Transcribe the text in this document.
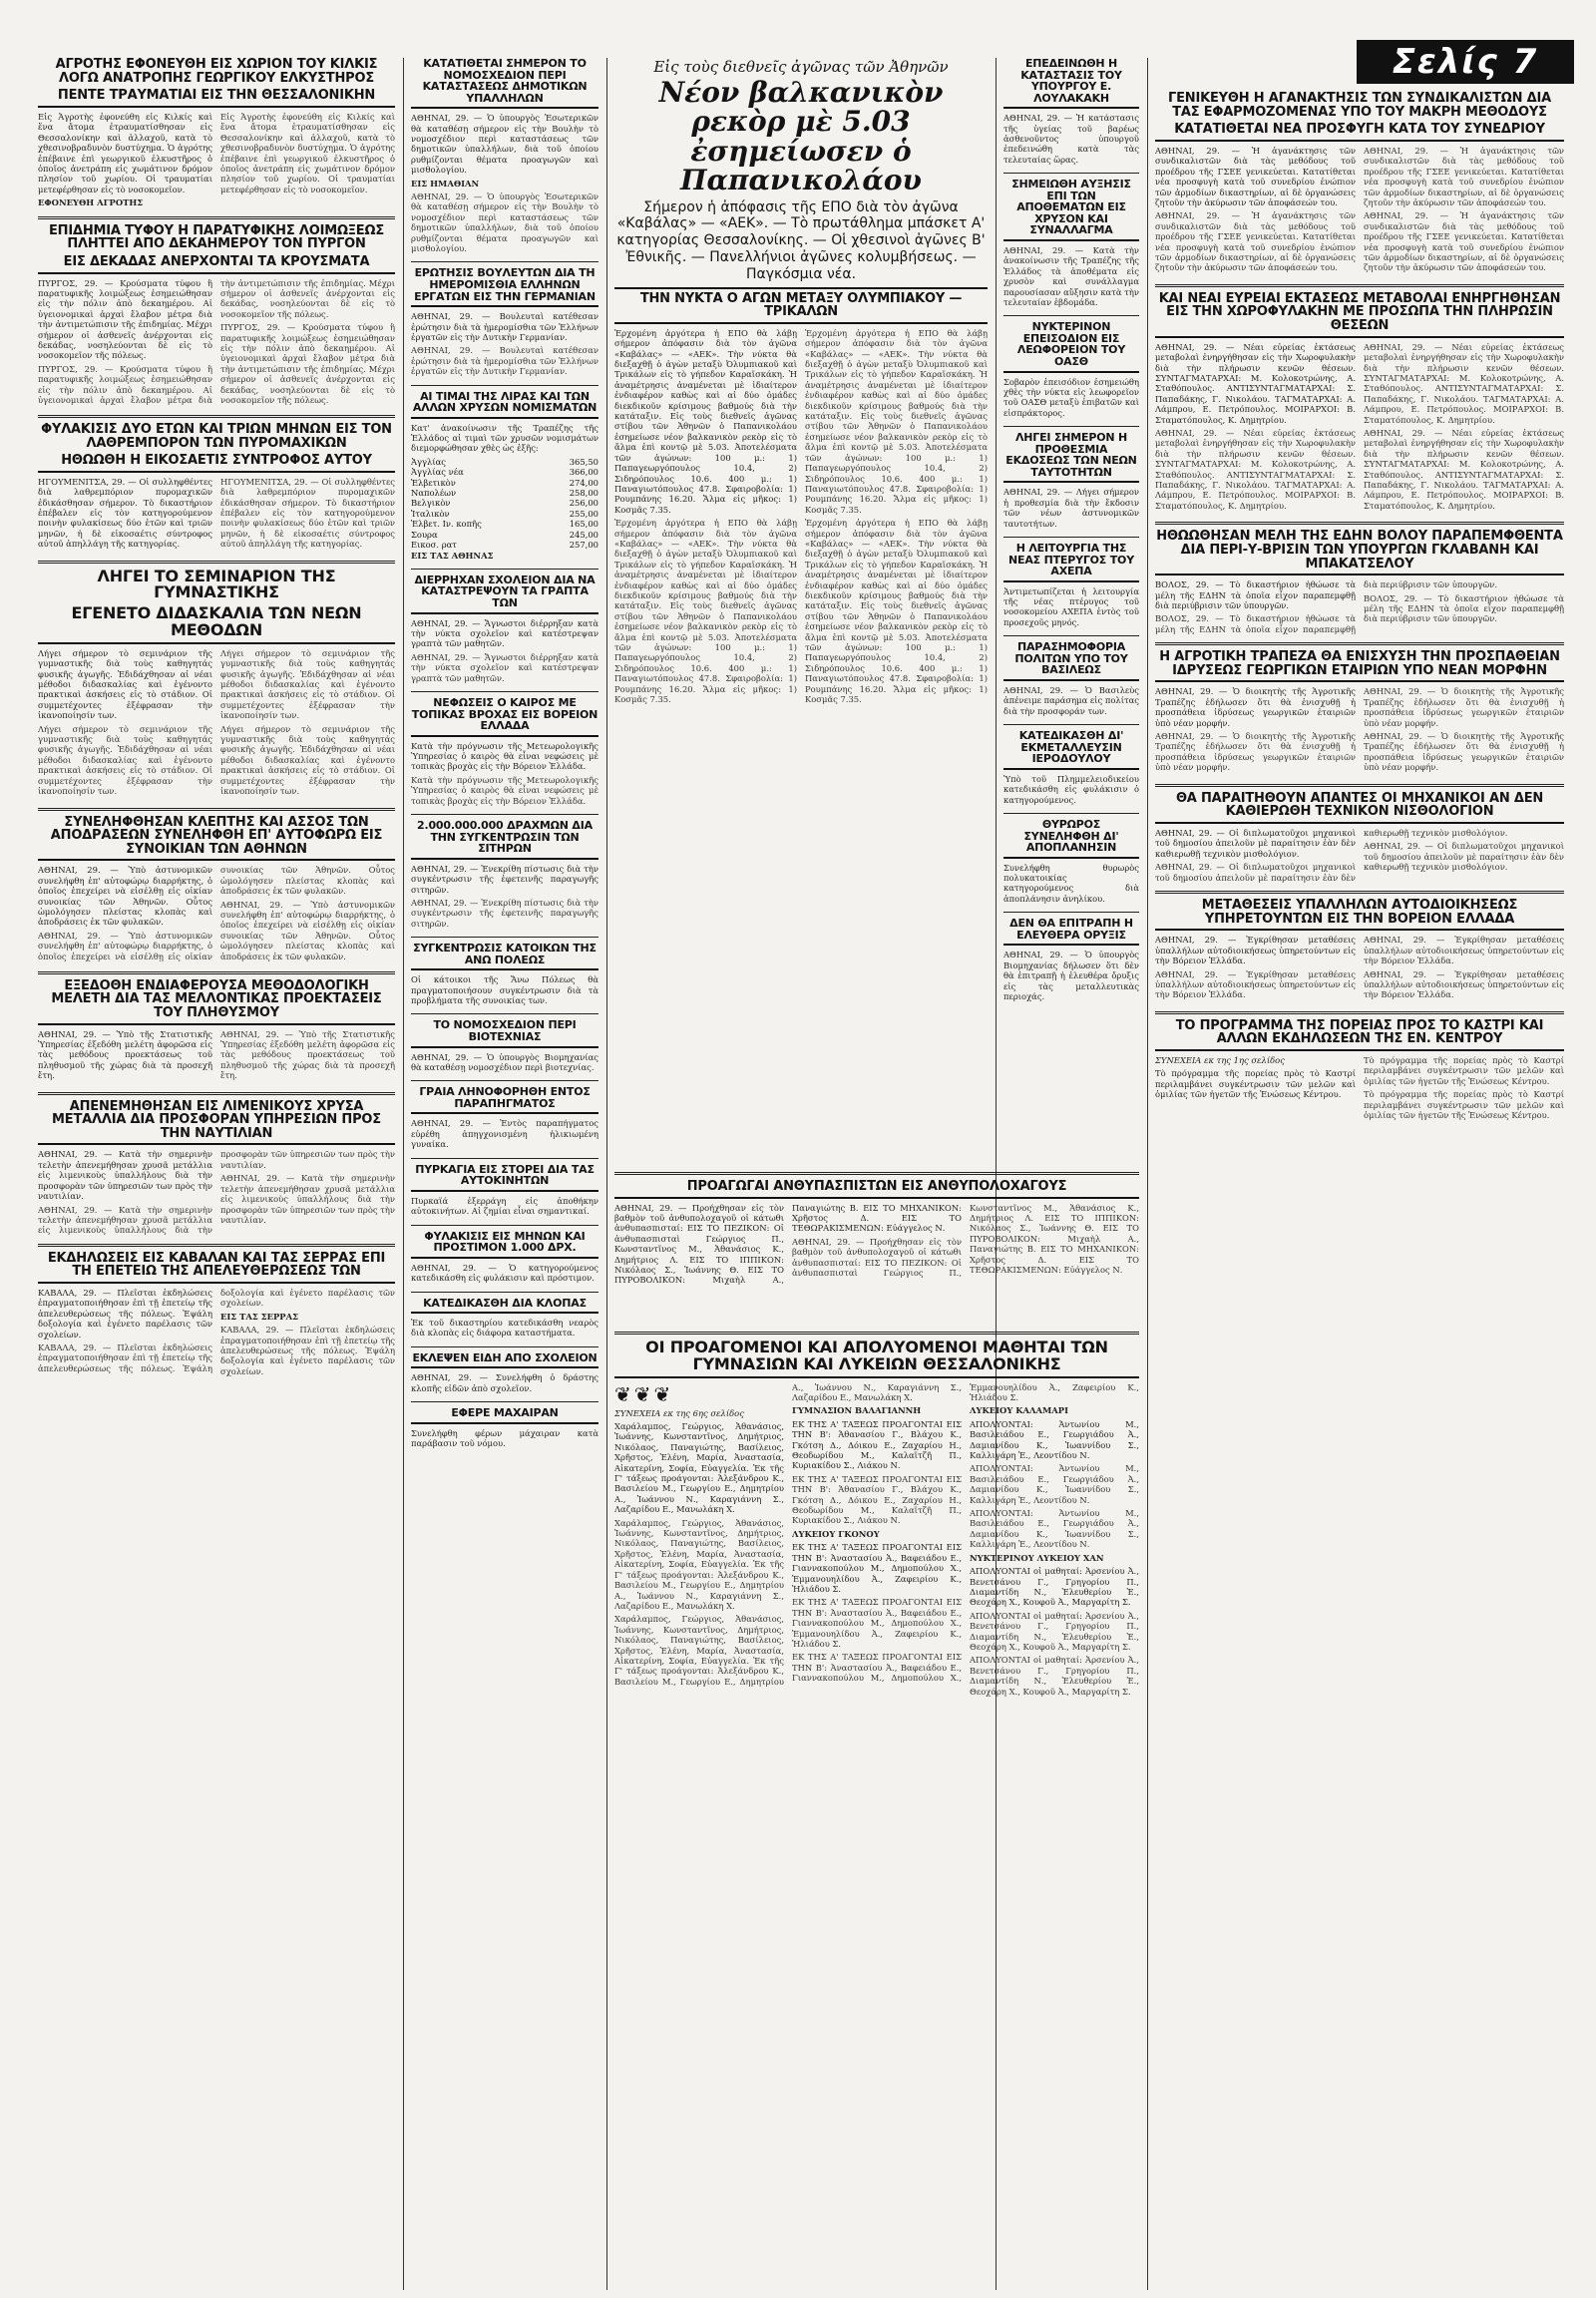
Σελίς 7
ΑΓΡΟΤΗΣ ΕΦΟΝΕΥΘΗ ΕΙΣ ΧΩΡΙΟΝ ΤΟΥ ΚΙΛΚΙΣ ΛΟΓΩ ΑΝΑΤΡΟΠΗΣ ΓΕΩΡΓΙΚΟΥ ΕΛΚΥΣΤΗΡΟΣ
ΠΕΝΤΕ ΤΡΑΥΜΑΤΙΑΙ ΕΙΣ ΤΗΝ ΘΕΣΣΑΛΟΝΙΚΗΝ

Εἰς Ἀγροτὴς ἐφονεύθη εἰς Κιλκίς καὶ ἕνα ἄτομα ἐτραυματίσθησαν εἰς Θεσσαλονίκην καὶ ἀλλαχοῦ, κατὰ τὸ χθεσινοβραδυνὸν δυστύχημα. Ὁ ἀγρότης ἐπέβαινε ἐπὶ γεωργικοῦ ἐλκυστῆρος ὁ ὁποῖος ἀνετράπη εἰς χωμάτινον δρόμον πλησίον τοῦ χωρίου. Οἱ τραυματίαι μετεφέρθησαν εἰς τὸ νοσοκομεῖον.

ΕΦΟΝΕΥΘΗ ΑΓΡΟΤΗΣ

Εἰς Ἀγροτὴς ἐφονεύθη εἰς Κιλκίς καὶ ἕνα ἄτομα ἐτραυματίσθησαν εἰς Θεσσαλονίκην καὶ ἀλλαχοῦ, κατὰ τὸ χθεσινοβραδυνὸν δυστύχημα. Ὁ ἀγρότης ἐπέβαινε ἐπὶ γεωργικοῦ ἐλκυστῆρος ὁ ὁποῖος ἀνετράπη εἰς χωμάτινον δρόμον πλησίον τοῦ χωρίου. Οἱ τραυματίαι μετεφέρθησαν εἰς τὸ νοσοκομεῖον.

ΕΠΙΔΗΜΙΑ ΤΥΦΟΥ Η ΠΑΡΑΤΥΦΙΚΗΣ ΛΟΙΜΩΞΕΩΣ ΠΛΗΤΤΕΙ ΑΠΟ ΔΕΚΑΗΜΕΡΟΥ ΤΟΝ ΠΥΡΓΟΝ
ΕΙΣ ΔΕΚΑΔΑΣ ΑΝΕΡΧΟΝΤΑΙ ΤΑ ΚΡΟΥΣΜΑΤΑ

ΠΥΡΓΟΣ, 29. — Κρούσματα τύφου ἢ παρατυφικῆς λοιμώξεως ἐσημειώθησαν εἰς τὴν πόλιν ἀπὸ δεκαημέρου. Αἱ ὑγειονομικαὶ ἀρχαὶ ἔλαβον μέτρα διὰ τὴν ἀντιμετώπισιν τῆς ἐπιδημίας. Μέχρι σήμερον οἱ ἀσθενεῖς ἀνέρχονται εἰς δεκάδας, νοσηλεύονται δὲ εἰς τὸ νοσοκομεῖον τῆς πόλεως.

ΠΥΡΓΟΣ, 29. — Κρούσματα τύφου ἢ παρατυφικῆς λοιμώξεως ἐσημειώθησαν εἰς τὴν πόλιν ἀπὸ δεκαημέρου. Αἱ ὑγειονομικαὶ ἀρχαὶ ἔλαβον μέτρα διὰ τὴν ἀντιμετώπισιν τῆς ἐπιδημίας. Μέχρι σήμερον οἱ ἀσθενεῖς ἀνέρχονται εἰς δεκάδας, νοσηλεύονται δὲ εἰς τὸ νοσοκομεῖον τῆς πόλεως.

ΠΥΡΓΟΣ, 29. — Κρούσματα τύφου ἢ παρατυφικῆς λοιμώξεως ἐσημειώθησαν εἰς τὴν πόλιν ἀπὸ δεκαημέρου. Αἱ ὑγειονομικαὶ ἀρχαὶ ἔλαβον μέτρα διὰ τὴν ἀντιμετώπισιν τῆς ἐπιδημίας. Μέχρι σήμερον οἱ ἀσθενεῖς ἀνέρχονται εἰς δεκάδας, νοσηλεύονται δὲ εἰς τὸ νοσοκομεῖον τῆς πόλεως.

ΦΥΛΑΚΙΣΙΣ ΔΥΟ ΕΤΩΝ ΚΑΙ ΤΡΙΩΝ ΜΗΝΩΝ ΕΙΣ ΤΟΝ ΛΑΘΡΕΜΠΟΡΟΝ ΤΩΝ ΠΥΡΟΜΑΧΙΚΩΝ
ΗΘΩΩΘΗ Η ΕΙΚΟΣΑΕΤΙΣ ΣΥΝΤΡΟΦΟΣ ΑΥΤΟΥ

ΗΓΟΥΜΕΝΙΤΣΑ, 29. — Οἱ συλληφθέντες διὰ λαθρεμπόριον πυρομαχικῶν ἐδικάσθησαν σήμερον. Τὸ δικαστήριον ἐπέβαλεν εἰς τὸν κατηγορούμενον ποινὴν φυλακίσεως δύο ἐτῶν καὶ τριῶν μηνῶν, ἡ δὲ εἰκοσαέτις σύντροφος αὐτοῦ ἀπηλλάγη τῆς κατηγορίας.

ΗΓΟΥΜΕΝΙΤΣΑ, 29. — Οἱ συλληφθέντες διὰ λαθρεμπόριον πυρομαχικῶν ἐδικάσθησαν σήμερον. Τὸ δικαστήριον ἐπέβαλεν εἰς τὸν κατηγορούμενον ποινὴν φυλακίσεως δύο ἐτῶν καὶ τριῶν μηνῶν, ἡ δὲ εἰκοσαέτις σύντροφος αὐτοῦ ἀπηλλάγη τῆς κατηγορίας.

ΛΗΓΕΙ ΤΟ ΣΕΜΙΝΑΡΙΟΝ ΤΗΣ ΓΥΜΝΑΣΤΙΚΗΣ
ΕΓΕΝΕΤΟ ΔΙΔΑΣΚΑΛΙΑ ΤΩΝ ΝΕΩΝ ΜΕΘΟΔΩΝ

Λήγει σήμερον τὸ σεμινάριον τῆς γυμναστικῆς διὰ τοὺς καθηγητάς φυσικῆς ἀγωγῆς. Ἐδιδάχθησαν αἱ νέαι μέθοδοι διδασκαλίας καὶ ἐγένοντο πρακτικαὶ ἀσκήσεις εἰς τὸ στάδιον. Οἱ συμμετέχοντες ἐξέφρασαν τὴν ἱκανοποίησίν των.

Λήγει σήμερον τὸ σεμινάριον τῆς γυμναστικῆς διὰ τοὺς καθηγητάς φυσικῆς ἀγωγῆς. Ἐδιδάχθησαν αἱ νέαι μέθοδοι διδασκαλίας καὶ ἐγένοντο πρακτικαὶ ἀσκήσεις εἰς τὸ στάδιον. Οἱ συμμετέχοντες ἐξέφρασαν τὴν ἱκανοποίησίν των.

Λήγει σήμερον τὸ σεμινάριον τῆς γυμναστικῆς διὰ τοὺς καθηγητάς φυσικῆς ἀγωγῆς. Ἐδιδάχθησαν αἱ νέαι μέθοδοι διδασκαλίας καὶ ἐγένοντο πρακτικαὶ ἀσκήσεις εἰς τὸ στάδιον. Οἱ συμμετέχοντες ἐξέφρασαν τὴν ἱκανοποίησίν των.

Λήγει σήμερον τὸ σεμινάριον τῆς γυμναστικῆς διὰ τοὺς καθηγητάς φυσικῆς ἀγωγῆς. Ἐδιδάχθησαν αἱ νέαι μέθοδοι διδασκαλίας καὶ ἐγένοντο πρακτικαὶ ἀσκήσεις εἰς τὸ στάδιον. Οἱ συμμετέχοντες ἐξέφρασαν τὴν ἱκανοποίησίν των.

ΣΥΝΕΛΗΦΘΗΣΑΝ ΚΛΕΠΤΗΣ ΚΑΙ ΑΣΣΟΣ ΤΩΝ ΑΠΟΔΡΑΣΕΩΝ ΣΥΝΕΛΗΦΘΗ ΕΠ' ΑΥΤΟΦΩΡΩ ΕΙΣ ΣΥΝΟΙΚΙΑΝ ΤΩΝ ΑΘΗΝΩΝ

ΑΘΗΝΑΙ, 29. — Ὑπὸ ἀστυνομικῶν συνελήφθη ἐπ' αὐτοφώρῳ διαρρήκτης, ὁ ὁποῖος ἐπεχείρει νὰ εἰσέλθῃ εἰς οἰκίαν συνοικίας τῶν Ἀθηνῶν. Οὗτος ὡμολόγησεν πλείστας κλοπὰς καὶ ἀποδράσεις ἐκ τῶν φυλακῶν.

ΑΘΗΝΑΙ, 29. — Ὑπὸ ἀστυνομικῶν συνελήφθη ἐπ' αὐτοφώρῳ διαρρήκτης, ὁ ὁποῖος ἐπεχείρει νὰ εἰσέλθῃ εἰς οἰκίαν συνοικίας τῶν Ἀθηνῶν. Οὗτος ὡμολόγησεν πλείστας κλοπὰς καὶ ἀποδράσεις ἐκ τῶν φυλακῶν.

ΑΘΗΝΑΙ, 29. — Ὑπὸ ἀστυνομικῶν συνελήφθη ἐπ' αὐτοφώρῳ διαρρήκτης, ὁ ὁποῖος ἐπεχείρει νὰ εἰσέλθῃ εἰς οἰκίαν συνοικίας τῶν Ἀθηνῶν. Οὗτος ὡμολόγησεν πλείστας κλοπὰς καὶ ἀποδράσεις ἐκ τῶν φυλακῶν.

ΕΞΕΔΟΘΗ ΕΝΔΙΑΦΕΡΟΥΣΑ ΜΕΘΟΔΟΛΟΓΙΚΗ ΜΕΛΕΤΗ ΔΙΑ ΤΑΣ ΜΕΛΛΟΝΤΙΚΑΣ ΠΡΟΕΚΤΑΣΕΙΣ ΤΟΥ ΠΛΗΘΥΣΜΟΥ

ΑΘΗΝΑΙ, 29. — Ὑπὸ τῆς Στατιστικῆς Ὑπηρεσίας ἐξεδόθη μελέτη ἀφορῶσα εἰς τὰς μεθόδους προεκτάσεως τοῦ πληθυσμοῦ τῆς χώρας διὰ τὰ προσεχῆ ἔτη.

ΑΘΗΝΑΙ, 29. — Ὑπὸ τῆς Στατιστικῆς Ὑπηρεσίας ἐξεδόθη μελέτη ἀφορῶσα εἰς τὰς μεθόδους προεκτάσεως τοῦ πληθυσμοῦ τῆς χώρας διὰ τὰ προσεχῆ ἔτη.

ΑΠΕΝΕΜΗΘΗΣΑΝ ΕΙΣ ΛΙΜΕΝΙΚΟΥΣ ΧΡΥΣΑ ΜΕΤΑΛΛΙΑ ΔΙΑ ΠΡΟΣΦΟΡΑΝ ΥΠΗΡΕΣΙΩΝ ΠΡΟΣ ΤΗΝ ΝΑΥΤΙΛΙΑΝ

ΑΘΗΝΑΙ, 29. — Κατὰ τὴν σημερινὴν τελετὴν ἀπενεμήθησαν χρυσᾶ μετάλλια εἰς λιμενικοὺς ὑπαλλήλους διὰ τὴν προσφορὰν τῶν ὑπηρεσιῶν των πρὸς τὴν ναυτιλίαν.

ΑΘΗΝΑΙ, 29. — Κατὰ τὴν σημερινὴν τελετὴν ἀπενεμήθησαν χρυσᾶ μετάλλια εἰς λιμενικοὺς ὑπαλλήλους διὰ τὴν προσφορὰν τῶν ὑπηρεσιῶν των πρὸς τὴν ναυτιλίαν.

ΑΘΗΝΑΙ, 29. — Κατὰ τὴν σημερινὴν τελετὴν ἀπενεμήθησαν χρυσᾶ μετάλλια εἰς λιμενικοὺς ὑπαλλήλους διὰ τὴν προσφορὰν τῶν ὑπηρεσιῶν των πρὸς τὴν ναυτιλίαν.

ΕΚΔΗΛΩΣΕΙΣ ΕΙΣ ΚΑΒΑΛΑΝ ΚΑΙ ΤΑΣ ΣΕΡΡΑΣ ΕΠΙ ΤΗ ΕΠΕΤΕΙΩ ΤΗΣ ΑΠΕΛΕΥΘΕΡΩΣΕΩΣ ΤΩΝ

ΚΑΒΑΛΑ, 29. — Πλεῖσται ἐκδηλώσεις ἐπραγματοποιήθησαν ἐπὶ τῇ ἐπετείῳ τῆς ἀπελευθερώσεως τῆς πόλεως. Ἐψάλη δοξολογία καὶ ἐγένετο παρέλασις τῶν σχολείων.

ΚΑΒΑΛΑ, 29. — Πλεῖσται ἐκδηλώσεις ἐπραγματοποιήθησαν ἐπὶ τῇ ἐπετείῳ τῆς ἀπελευθερώσεως τῆς πόλεως. Ἐψάλη δοξολογία καὶ ἐγένετο παρέλασις τῶν σχολείων.

ΕΙΣ ΤΑΣ ΣΕΡΡΑΣ

ΚΑΒΑΛΑ, 29. — Πλεῖσται ἐκδηλώσεις ἐπραγματοποιήθησαν ἐπὶ τῇ ἐπετείῳ τῆς ἀπελευθερώσεως τῆς πόλεως. Ἐψάλη δοξολογία καὶ ἐγένετο παρέλασις τῶν σχολείων.

ΚΑΤΑΤΙΘΕΤΑΙ ΣΗΜΕΡΟΝ ΤΟ ΝΟΜΟΣΧΕΔΙΟΝ ΠΕΡΙ ΚΑΤΑΣΤΑΣΕΩΣ ΔΗΜΟΤΙΚΩΝ ΥΠΑΛΛΗΛΩΝ

ΑΘΗΝΑΙ, 29. — Ὁ ὑπουργὸς Ἐσωτερικῶν θὰ καταθέσῃ σήμερον εἰς τὴν Βουλὴν τὸ νομοσχέδιον περὶ καταστάσεως τῶν δημοτικῶν ὑπαλλήλων, διὰ τοῦ ὁποίου ρυθμίζονται θέματα προαγωγῶν καὶ μισθολογίου.

ΕΙΣ ΗΜΑΘΙΑΝ

ΑΘΗΝΑΙ, 29. — Ὁ ὑπουργὸς Ἐσωτερικῶν θὰ καταθέσῃ σήμερον εἰς τὴν Βουλὴν τὸ νομοσχέδιον περὶ καταστάσεως τῶν δημοτικῶν ὑπαλλήλων, διὰ τοῦ ὁποίου ρυθμίζονται θέματα προαγωγῶν καὶ μισθολογίου.

ΕΡΩΤΗΣΙΣ ΒΟΥΛΕΥΤΩΝ ΔΙΑ ΤΗ ΗΜΕΡΟΜΙΣΘΙΑ ΕΛΛΗΝΩΝ ΕΡΓΑΤΩΝ ΕΙΣ ΤΗΝ ΓΕΡΜΑΝΙΑΝ

ΑΘΗΝΑΙ, 29. — Βουλευταὶ κατέθεσαν ἐρώτησιν διὰ τὰ ἡμερομίσθια τῶν Ἑλλήνων ἐργατῶν εἰς τὴν Δυτικὴν Γερμανίαν.

ΑΘΗΝΑΙ, 29. — Βουλευταὶ κατέθεσαν ἐρώτησιν διὰ τὰ ἡμερομίσθια τῶν Ἑλλήνων ἐργατῶν εἰς τὴν Δυτικὴν Γερμανίαν.

ΑΙ ΤΙΜΑΙ ΤΗΣ ΛΙΡΑΣ ΚΑΙ ΤΩΝ ΑΛΛΩΝ ΧΡΥΣΩΝ ΝΟΜΙΣΜΑΤΩΝ

Κατ' ἀνακοίνωσιν τῆς Τραπέζης τῆς Ἑλλάδος αἱ τιμαὶ τῶν χρυσῶν νομισμάτων διεμορφώθησαν χθὲς ὡς ἑξῆς:

Ἀγγλίας	365,50
Ἀγγλίας νέα	366,00
Ἑλβετικὸν	274,00
Ναπολέων	258,00
Βελγικὸν	256,00
Ἰταλικὸν	255,00
Ἐλβετ. Ιν. κοπῆς	165,00
Σουρα	245,00
Εικοσ. ρατ	257,00

ΕΙΣ ΤΑΣ ΑΘΗΝΑΣ

ΔΙΕΡΡΗΧΑΝ ΣΧΟΛΕΙΟΝ ΔΙΑ ΝΑ ΚΑΤΑΣΤΡΕΨΟΥΝ ΤΑ ΓΡΑΠΤΑ ΤΩΝ

ΑΘΗΝΑΙ, 29. — Ἄγνωστοι διέρρηξαν κατὰ τὴν νύκτα σχολεῖον καὶ κατέστρεψαν γραπτὰ τῶν μαθητῶν.

ΑΘΗΝΑΙ, 29. — Ἄγνωστοι διέρρηξαν κατὰ τὴν νύκτα σχολεῖον καὶ κατέστρεψαν γραπτὰ τῶν μαθητῶν.

ΝΕΦΩΣΕΙΣ Ο ΚΑΙΡΟΣ ΜΕ ΤΟΠΙΚΑΣ ΒΡΟΧΑΣ ΕΙΣ ΒΟΡΕΙΟΝ ΕΛΛΑΔΑ

Κατὰ τὴν πρόγνωσιν τῆς Μετεωρολογικῆς Ὑπηρεσίας ὁ καιρὸς θὰ εἶναι νεφώσεις μὲ τοπικὰς βροχὰς εἰς τὴν Βόρειον Ἑλλάδα.

Κατὰ τὴν πρόγνωσιν τῆς Μετεωρολογικῆς Ὑπηρεσίας ὁ καιρὸς θὰ εἶναι νεφώσεις μὲ τοπικὰς βροχὰς εἰς τὴν Βόρειον Ἑλλάδα.

2.000.000.000 ΔΡΑΧΜΩΝ ΔΙΑ ΤΗΝ ΣΥΓΚΕΝΤΡΩΣΙΝ ΤΩΝ ΣΙΤΗΡΩΝ

ΑΘΗΝΑΙ, 29. — Ἐνεκρίθη πίστωσις διὰ τὴν συγκέντρωσιν τῆς ἐφετεινῆς παραγωγῆς σιτηρῶν.

ΑΘΗΝΑΙ, 29. — Ἐνεκρίθη πίστωσις διὰ τὴν συγκέντρωσιν τῆς ἐφετεινῆς παραγωγῆς σιτηρῶν.

ΣΥΓΚΕΝΤΡΩΣΙΣ ΚΑΤΟΙΚΩΝ ΤΗΣ ΑΝΩ ΠΟΛΕΩΣ

Οἱ κάτοικοι τῆς Ἄνω Πόλεως θὰ πραγματοποιήσουν συγκέντρωσιν διὰ τὰ προβλήματα τῆς συνοικίας των.

ΤΟ ΝΟΜΟΣΧΕΔΙΟΝ ΠΕΡΙ ΒΙΟΤΕΧΝΙΑΣ

ΑΘΗΝΑΙ, 29. — Ὁ ὑπουργὸς Βιομηχανίας θὰ καταθέσῃ νομοσχέδιον περὶ βιοτεχνίας.

ΓΡΑΙΑ ΛΗΝΟΦΟΡΗΘΗ ΕΝΤΟΣ ΠΑΡΑΠΗΓΜΑΤΟΣ

ΑΘΗΝΑΙ, 29. — Ἐντὸς παραπήγματος εὑρέθη ἀπηγχονισμένη ἡλικιωμένη γυναίκα.

ΠΥΡΚΑΓΙΑ ΕΙΣ ΣΤΟΡΕΙ ΔΙΑ ΤΑΣ ΑΥΤΟΚΙΝΗΤΩΝ

Πυρκαϊά ἐξερράγη εἰς ἀποθήκην αὐτοκινήτων. Αἱ ζημίαι εἶναι σημαντικαί.

ΦΥΛΑΚΙΣΙΣ ΕΙΣ ΜΗΝΩΝ ΚΑΙ ΠΡΟΣΤΙΜΟΝ 1.000 ΔΡΧ.

ΑΘΗΝΑΙ, 29. — Ὁ κατηγορούμενος κατεδικάσθη εἰς φυλάκισιν καὶ πρόστιμον.

ΚΑΤΕΔΙΚΑΣΘΗ ΔΙΑ ΚΛΟΠΑΣ

Ἐκ τοῦ δικαστηρίου κατεδικάσθη νεαρὸς διὰ κλοπὰς εἰς διάφορα καταστήματα.

ΕΚΛΕΨΕΝ ΕΙΔΗ ΑΠΟ ΣΧΟΛΕΙΟΝ

ΑΘΗΝΑΙ, 29. — Συνελήφθη ὁ δράστης κλοπῆς εἰδῶν ἀπὸ σχολεῖον.

ΕΦΕΡΕ ΜΑΧΑΙΡΑΝ

Συνελήφθη φέρων μάχαιραν κατὰ παράβασιν τοῦ νόμου.

Εἰς τοὺς διεθνεῖς ἀγῶνας τῶν Ἀθηνῶν

Νέον βαλκανικὸν ρεκὸρ μὲ 5.03 ἐσημείωσεν ὁ Παπανικολάου
Σήμερον ἡ ἀπόφασις τῆς ΕΠΟ διὰ τὸν ἀγῶνα «Καβάλας» — «ΑΕΚ». — Τὸ πρωτάθλημα μπάσκετ Α' κατηγορίας Θεσσαλονίκης. — Οἱ χθεσινοὶ ἀγῶνες Β' Ἐθνικῆς. — Πανελλήνιοι ἀγῶνες κολυμβήσεως. — Παγκόσμια νέα.
ΤΗΝ ΝΥΚΤΑ Ο ΑΓΩΝ ΜΕΤΑΞΥ ΟΛΥΜΠΙΑΚΟΥ — ΤΡΙΚΑΛΩΝ

Ἐρχομένη ἀργότερα ἡ ΕΠΟ θὰ λάβῃ σήμερον ἀπόφασιν διὰ τὸν ἀγῶνα «Καβάλας» — «ΑΕΚ». Τὴν νύκτα θὰ διεξαχθῇ ὁ ἀγὼν μεταξὺ Ὀλυμπιακοῦ καὶ Τρικάλων εἰς τὸ γήπεδον Καραϊσκάκη. Ἡ ἀναμέτρησις ἀναμένεται μὲ ἰδιαίτερον ἐνδιαφέρον καθὼς καὶ αἱ δύο ὁμάδες διεκδικοῦν κρίσιμους βαθμούς διὰ τὴν κατάταξιν. Εἰς τοὺς διεθνεῖς ἀγῶνας στίβου τῶν Ἀθηνῶν ὁ Παπανικολάου ἐσημείωσε νέον βαλκανικὸν ρεκὸρ εἰς τὸ ἄλμα ἐπὶ κοντῷ μὲ 5.03. Ἀποτελέσματα τῶν ἀγώνων: 100 μ.: 1) Παπαγεωργόπουλος 10.4, 2) Σιδηρόπουλος 10.6. 400 μ.: 1) Παναγιωτόπουλος 47.8. Σφαιροβολία: 1) Ρουμπάνης 16.20. Ἄλμα εἰς μῆκος: 1) Κοσμᾶς 7.35.

Ἐρχομένη ἀργότερα ἡ ΕΠΟ θὰ λάβῃ σήμερον ἀπόφασιν διὰ τὸν ἀγῶνα «Καβάλας» — «ΑΕΚ». Τὴν νύκτα θὰ διεξαχθῇ ὁ ἀγὼν μεταξὺ Ὀλυμπιακοῦ καὶ Τρικάλων εἰς τὸ γήπεδον Καραϊσκάκη. Ἡ ἀναμέτρησις ἀναμένεται μὲ ἰδιαίτερον ἐνδιαφέρον καθὼς καὶ αἱ δύο ὁμάδες διεκδικοῦν κρίσιμους βαθμούς διὰ τὴν κατάταξιν. Εἰς τοὺς διεθνεῖς ἀγῶνας στίβου τῶν Ἀθηνῶν ὁ Παπανικολάου ἐσημείωσε νέον βαλκανικὸν ρεκὸρ εἰς τὸ ἄλμα ἐπὶ κοντῷ μὲ 5.03. Ἀποτελέσματα τῶν ἀγώνων: 100 μ.: 1) Παπαγεωργόπουλος 10.4, 2) Σιδηρόπουλος 10.6. 400 μ.: 1) Παναγιωτόπουλος 47.8. Σφαιροβολία: 1) Ρουμπάνης 16.20. Ἄλμα εἰς μῆκος: 1) Κοσμᾶς 7.35.

Ἐρχομένη ἀργότερα ἡ ΕΠΟ θὰ λάβῃ σήμερον ἀπόφασιν διὰ τὸν ἀγῶνα «Καβάλας» — «ΑΕΚ». Τὴν νύκτα θὰ διεξαχθῇ ὁ ἀγὼν μεταξὺ Ὀλυμπιακοῦ καὶ Τρικάλων εἰς τὸ γήπεδον Καραϊσκάκη. Ἡ ἀναμέτρησις ἀναμένεται μὲ ἰδιαίτερον ἐνδιαφέρον καθὼς καὶ αἱ δύο ὁμάδες διεκδικοῦν κρίσιμους βαθμούς διὰ τὴν κατάταξιν. Εἰς τοὺς διεθνεῖς ἀγῶνας στίβου τῶν Ἀθηνῶν ὁ Παπανικολάου ἐσημείωσε νέον βαλκανικὸν ρεκὸρ εἰς τὸ ἄλμα ἐπὶ κοντῷ μὲ 5.03. Ἀποτελέσματα τῶν ἀγώνων: 100 μ.: 1) Παπαγεωργόπουλος 10.4, 2) Σιδηρόπουλος 10.6. 400 μ.: 1) Παναγιωτόπουλος 47.8. Σφαιροβολία: 1) Ρουμπάνης 16.20. Ἄλμα εἰς μῆκος: 1) Κοσμᾶς 7.35.

Ἐρχομένη ἀργότερα ἡ ΕΠΟ θὰ λάβῃ σήμερον ἀπόφασιν διὰ τὸν ἀγῶνα «Καβάλας» — «ΑΕΚ». Τὴν νύκτα θὰ διεξαχθῇ ὁ ἀγὼν μεταξὺ Ὀλυμπιακοῦ καὶ Τρικάλων εἰς τὸ γήπεδον Καραϊσκάκη. Ἡ ἀναμέτρησις ἀναμένεται μὲ ἰδιαίτερον ἐνδιαφέρον καθὼς καὶ αἱ δύο ὁμάδες διεκδικοῦν κρίσιμους βαθμούς διὰ τὴν κατάταξιν. Εἰς τοὺς διεθνεῖς ἀγῶνας στίβου τῶν Ἀθηνῶν ὁ Παπανικολάου ἐσημείωσε νέον βαλκανικὸν ρεκὸρ εἰς τὸ ἄλμα ἐπὶ κοντῷ μὲ 5.03. Ἀποτελέσματα τῶν ἀγώνων: 100 μ.: 1) Παπαγεωργόπουλος 10.4, 2) Σιδηρόπουλος 10.6. 400 μ.: 1) Παναγιωτόπουλος 47.8. Σφαιροβολία: 1) Ρουμπάνης 16.20. Ἄλμα εἰς μῆκος: 1) Κοσμᾶς 7.35.

ΕΠΕΔΕΙΝΩΘΗ Η ΚΑΤΑΣΤΑΣΙΣ ΤΟΥ ΥΠΟΥΡΓΟΥ Ε. ΛΟΥΛΑΚΑΚΗ

ΑΘΗΝΑΙ, 29. — Ἡ κατάστασις τῆς ὑγείας τοῦ βαρέως ἀσθενοῦντος ὑπουργοῦ ἐπεδεινώθη κατὰ τὰς τελευταίας ὥρας.

ΣΗΜΕΙΩΘΗ ΑΥΞΗΣΙΣ ΕΠΙ ΤΩΝ ΑΠΟΘΕΜΑΤΩΝ ΕΙΣ ΧΡΥΣΟΝ ΚΑΙ ΣΥΝΑΛΛΑΓΜΑ

ΑΘΗΝΑΙ, 29. — Κατὰ τὴν ἀνακοίνωσιν τῆς Τραπέζης τῆς Ἑλλάδος τὰ ἀποθέματα εἰς χρυσὸν καὶ συνάλλαγμα παρουσίασαν αὔξησιν κατὰ τὴν τελευταίαν ἑβδομάδα.

ΝΥΚΤΕΡΙΝΟΝ ΕΠΕΙΣΟΔΙΟΝ ΕΙΣ ΛΕΩΦΟΡΕΙΟΝ ΤΟΥ ΟΑΣΘ

Σοβαρὸν ἐπεισόδιον ἐσημειώθη χθὲς τὴν νύκτα εἰς λεωφορεῖον τοῦ ΟΑΣΘ μεταξὺ ἐπιβατῶν καὶ εἰσπράκτορος.

ΛΗΓΕΙ ΣΗΜΕΡΟΝ Η ΠΡΟΘΕΣΜΙΑ ΕΚΔΟΣΕΩΣ ΤΩΝ ΝΕΩΝ ΤΑΥΤΟΤΗΤΩΝ

ΑΘΗΝΑΙ, 29. — Λήγει σήμερον ἡ προθεσμία διὰ τὴν ἔκδοσιν τῶν νέων ἀστυνομικῶν ταυτοτήτων.

Η ΛΕΙΤΟΥΡΓΙΑ ΤΗΣ ΝΕΑΣ ΠΤΕΡΥΓΟΣ ΤΟΥ ΑΧΕΠΑ

Ἀντιμετωπίζεται ἡ λειτουργία τῆς νέας πτέρυγος τοῦ νοσοκομείου ΑΧΕΠΑ ἐντὸς τοῦ προσεχοῦς μηνός.

ΠΑΡΑΣΗΜΟΦΟΡΙΑ ΠΟΛΙΤΩΝ ΥΠΟ ΤΟΥ ΒΑΣΙΛΕΩΣ

ΑΘΗΝΑΙ, 29. — Ὁ Βασιλεὺς ἀπένειμε παράσημα εἰς πολίτας διὰ τὴν προσφοράν των.

ΚΑΤΕΔΙΚΑΣΘΗ ΔΙ' ΕΚΜΕΤΑΛΛΕΥΣΙΝ ΙΕΡΟΔΟΥΛΟΥ

Ὑπὸ τοῦ Πλημμελειοδικείου κατεδικάσθη εἰς φυλάκισιν ὁ κατηγορούμενος.

ΘΥΡΩΡΟΣ ΣΥΝΕΛΗΦΘΗ ΔΙ' ΑΠΟΠΛΑΝΗΣΙΝ

Συνελήφθη θυρωρὸς πολυκατοικίας κατηγορούμενος διὰ ἀποπλάνησιν ἀνηλίκου.

ΔΕΝ ΘΑ ΕΠΙΤΡΑΠΗ Η ΕΛΕΥΘΕΡΑ ΟΡΥΞΙΣ

ΑΘΗΝΑΙ, 29. — Ὁ ὑπουργὸς Βιομηχανίας δήλωσεν ὅτι δὲν θὰ ἐπιτραπῇ ἡ ἐλευθέρα ὄρυξις εἰς τὰς μεταλλευτικὰς περιοχάς.

ΠΡΟΑΓΩΓΑΙ ΑΝΘΥΠΑΣΠΙΣΤΩΝ ΕΙΣ ΑΝΘΥΠΟΛΟΧΑΓΟΥΣ

ΑΘΗΝΑΙ, 29. — Προήχθησαν εἰς τὸν βαθμὸν τοῦ ἀνθυπολοχαγοῦ οἱ κάτωθι ἀνθυπασπισταί: ΕΙΣ ΤΟ ΠΕΖΙΚΟΝ: Οἱ ἀνθυπασπισταὶ Γεώργιος Π., Κωνσταντῖνος Μ., Ἀθανάσιος Κ., Δημήτριος Λ. ΕΙΣ ΤΟ ΙΠΠΙΚΟΝ: Νικόλαος Σ., Ἰωάννης Θ. ΕΙΣ ΤΟ ΠΥΡΟΒΟΛΙΚΟΝ: Μιχαὴλ Α., Παναγιώτης Β. ΕΙΣ ΤΟ ΜΗΧΑΝΙΚΟΝ: Χρῆστος Δ. ΕΙΣ ΤΟ ΤΕΘΩΡΑΚΙΣΜΕΝΩΝ: Εὐάγγελος Ν.

ΑΘΗΝΑΙ, 29. — Προήχθησαν εἰς τὸν βαθμὸν τοῦ ἀνθυπολοχαγοῦ οἱ κάτωθι ἀνθυπασπισταί: ΕΙΣ ΤΟ ΠΕΖΙΚΟΝ: Οἱ ἀνθυπασπισταὶ Γεώργιος Π., Κωνσταντῖνος Μ., Ἀθανάσιος Κ., Δημήτριος Λ. ΕΙΣ ΤΟ ΙΠΠΙΚΟΝ: Νικόλαος Σ., Ἰωάννης Θ. ΕΙΣ ΤΟ ΠΥΡΟΒΟΛΙΚΟΝ: Μιχαὴλ Α., Παναγιώτης Β. ΕΙΣ ΤΟ ΜΗΧΑΝΙΚΟΝ: Χρῆστος Δ. ΕΙΣ ΤΟ ΤΕΘΩΡΑΚΙΣΜΕΝΩΝ: Εὐάγγελος Ν.

ΟΙ ΠΡΟΑΓΟΜΕΝΟΙ ΚΑΙ ΑΠΟΛΥΟΜΕΝΟΙ ΜΑΘΗΤΑΙ ΤΩΝ ΓΥΜΝΑΣΙΩΝ ΚΑΙ ΛΥΚΕΙΩΝ ΘΕΣΣΑΛΟΝΙΚΗΣ
❦❦❦

ΣΥΝΕΧΕΙΑ εκ της 6ης σελίδος

Χαράλαμπος, Γεώργιος, Ἀθανάσιος, Ἰωάννης, Κωνσταντῖνος, Δημήτριος, Νικόλαος, Παναγιώτης, Βασίλειος, Χρῆστος, Ἐλένη, Μαρία, Ἀναστασία, Αἰκατερίνη, Σοφία, Εὐαγγελία. Ἐκ τῆς Γ' τάξεως προάγονται: Ἀλεξάνδρου Κ., Βασιλείου Μ., Γεωργίου Ε., Δημητρίου Α., Ἰωάννου Ν., Καραγιάννη Σ., Λαζαρίδου Ε., Μανωλάκη Χ.

Χαράλαμπος, Γεώργιος, Ἀθανάσιος, Ἰωάννης, Κωνσταντῖνος, Δημήτριος, Νικόλαος, Παναγιώτης, Βασίλειος, Χρῆστος, Ἐλένη, Μαρία, Ἀναστασία, Αἰκατερίνη, Σοφία, Εὐαγγελία. Ἐκ τῆς Γ' τάξεως προάγονται: Ἀλεξάνδρου Κ., Βασιλείου Μ., Γεωργίου Ε., Δημητρίου Α., Ἰωάννου Ν., Καραγιάννη Σ., Λαζαρίδου Ε., Μανωλάκη Χ.

Χαράλαμπος, Γεώργιος, Ἀθανάσιος, Ἰωάννης, Κωνσταντῖνος, Δημήτριος, Νικόλαος, Παναγιώτης, Βασίλειος, Χρῆστος, Ἐλένη, Μαρία, Ἀναστασία, Αἰκατερίνη, Σοφία, Εὐαγγελία. Ἐκ τῆς Γ' τάξεως προάγονται: Ἀλεξάνδρου Κ., Βασιλείου Μ., Γεωργίου Ε., Δημητρίου Α., Ἰωάννου Ν., Καραγιάννη Σ., Λαζαρίδου Ε., Μανωλάκη Χ.

ΓΥΜΝΑΣΙΟΝ ΒΑΛΑΓΙΑΝΝΗ

ΕΚ ΤΗΣ Α' ΤΑΞΕΩΣ ΠΡΟΑΓΟΝΤΑΙ ΕΙΣ ΤΗΝ Β': Ἀθανασίου Γ., Βλάχου Κ., Γκότση Δ., Δόικου Ε., Ζαχαρίου Η., Θεοδωρίδου Μ., Καλαϊτζῆ Π., Κυριακίδου Σ., Λιάκου Ν.

ΕΚ ΤΗΣ Α' ΤΑΞΕΩΣ ΠΡΟΑΓΟΝΤΑΙ ΕΙΣ ΤΗΝ Β': Ἀθανασίου Γ., Βλάχου Κ., Γκότση Δ., Δόικου Ε., Ζαχαρίου Η., Θεοδωρίδου Μ., Καλαϊτζῆ Π., Κυριακίδου Σ., Λιάκου Ν.

ΛΥΚΕΙΟΥ ΓΚΟΝΟΥ

ΕΚ ΤΗΣ Α' ΤΑΞΕΩΣ ΠΡΟΑΓΟΝΤΑΙ ΕΙΣ ΤΗΝ Β': Ἀναστασίου Ἀ., Βαφειάδου Ε., Γιαννακοπούλου Μ., Δημοπούλου Χ., Ἐμμανουηλίδου Ἀ., Ζαφειρίου Κ., Ἠλιάδου Σ.

ΕΚ ΤΗΣ Α' ΤΑΞΕΩΣ ΠΡΟΑΓΟΝΤΑΙ ΕΙΣ ΤΗΝ Β': Ἀναστασίου Ἀ., Βαφειάδου Ε., Γιαννακοπούλου Μ., Δημοπούλου Χ., Ἐμμανουηλίδου Ἀ., Ζαφειρίου Κ., Ἠλιάδου Σ.

ΕΚ ΤΗΣ Α' ΤΑΞΕΩΣ ΠΡΟΑΓΟΝΤΑΙ ΕΙΣ ΤΗΝ Β': Ἀναστασίου Ἀ., Βαφειάδου Ε., Γιαννακοπούλου Μ., Δημοπούλου Χ., Ἐμμανουηλίδου Ἀ., Ζαφειρίου Κ., Ἠλιάδου Σ.

ΛΥΚΕΙΟΥ ΚΑΛΑΜΑΡΙ

ΑΠΟΛΥΟΝΤΑΙ: Ἀντωνίου Μ., Βασιλειάδου Ε., Γεωργιάδου Ἀ., Δαμιανίδου Κ., Ἰωαννίδου Σ., Καλλιγάρη Ἑ., Λεοντίδου Ν.

ΑΠΟΛΥΟΝΤΑΙ: Ἀντωνίου Μ., Βασιλειάδου Ε., Γεωργιάδου Ἀ., Δαμιανίδου Κ., Ἰωαννίδου Σ., Καλλιγάρη Ἑ., Λεοντίδου Ν.

ΑΠΟΛΥΟΝΤΑΙ: Ἀντωνίου Μ., Βασιλειάδου Ε., Γεωργιάδου Ἀ., Δαμιανίδου Κ., Ἰωαννίδου Σ., Καλλιγάρη Ἑ., Λεοντίδου Ν.

ΝΥΚΤΕΡΙΝΟΥ ΛΥΚΕΙΟΥ ΧΑΝ

ΑΠΟΛΥΟΝΤΑΙ οἱ μαθηταί: Ἀρσενίου Ἀ., Βενετσάνου Γ., Γρηγορίου Π., Διαμαντίδη Ν., Ἐλευθερίου Ἑ., Θεοχάρη Χ., Κουφοῦ Ἀ., Μαργαρίτη Σ.

ΑΠΟΛΥΟΝΤΑΙ οἱ μαθηταί: Ἀρσενίου Ἀ., Βενετσάνου Γ., Γρηγορίου Π., Διαμαντίδη Ν., Ἐλευθερίου Ἑ., Θεοχάρη Χ., Κουφοῦ Ἀ., Μαργαρίτη Σ.

ΑΠΟΛΥΟΝΤΑΙ οἱ μαθηταί: Ἀρσενίου Ἀ., Βενετσάνου Γ., Γρηγορίου Π., Διαμαντίδη Ν., Ἐλευθερίου Ἑ., Θεοχάρη Χ., Κουφοῦ Ἀ., Μαργαρίτη Σ.

ΓΕΝΙΚΕΥΘΗ Η ΑΓΑΝΑΚΤΗΣΙΣ ΤΩΝ ΣΥΝΔΙΚΑΛΙΣΤΩΝ ΔΙΑ ΤΑΣ ΕΦΑΡΜΟΖΟΜΕΝΑΣ ΥΠΟ ΤΟΥ ΜΑΚΡΗ ΜΕΘΟΔΟΥΣ
ΚΑΤΑΤΙΘΕΤΑΙ ΝΕΑ ΠΡΟΣΦΥΓΗ ΚΑΤΑ ΤΟΥ ΣΥΝΕΔΡΙΟΥ

ΑΘΗΝΑΙ, 29. — Ἡ ἀγανάκτησις τῶν συνδικαλιστῶν διὰ τὰς μεθόδους τοῦ προέδρου τῆς ΓΣΕΕ γενικεύεται. Κατατίθεται νέα προσφυγὴ κατὰ τοῦ συνεδρίου ἐνώπιον τῶν ἁρμοδίων δικαστηρίων, αἱ δὲ ὀργανώσεις ζητοῦν τὴν ἀκύρωσιν τῶν ἀποφάσεών του.

ΑΘΗΝΑΙ, 29. — Ἡ ἀγανάκτησις τῶν συνδικαλιστῶν διὰ τὰς μεθόδους τοῦ προέδρου τῆς ΓΣΕΕ γενικεύεται. Κατατίθεται νέα προσφυγὴ κατὰ τοῦ συνεδρίου ἐνώπιον τῶν ἁρμοδίων δικαστηρίων, αἱ δὲ ὀργανώσεις ζητοῦν τὴν ἀκύρωσιν τῶν ἀποφάσεών του.

ΑΘΗΝΑΙ, 29. — Ἡ ἀγανάκτησις τῶν συνδικαλιστῶν διὰ τὰς μεθόδους τοῦ προέδρου τῆς ΓΣΕΕ γενικεύεται. Κατατίθεται νέα προσφυγὴ κατὰ τοῦ συνεδρίου ἐνώπιον τῶν ἁρμοδίων δικαστηρίων, αἱ δὲ ὀργανώσεις ζητοῦν τὴν ἀκύρωσιν τῶν ἀποφάσεών του.

ΑΘΗΝΑΙ, 29. — Ἡ ἀγανάκτησις τῶν συνδικαλιστῶν διὰ τὰς μεθόδους τοῦ προέδρου τῆς ΓΣΕΕ γενικεύεται. Κατατίθεται νέα προσφυγὴ κατὰ τοῦ συνεδρίου ἐνώπιον τῶν ἁρμοδίων δικαστηρίων, αἱ δὲ ὀργανώσεις ζητοῦν τὴν ἀκύρωσιν τῶν ἀποφάσεών του.

ΚΑΙ ΝΕΑΙ ΕΥΡΕΙΑΙ ΕΚΤΑΣΕΩΣ ΜΕΤΑΒΟΛΑΙ ΕΝΗΡΓΗΘΗΣΑΝ ΕΙΣ ΤΗΝ ΧΩΡΟΦΥΛΑΚΗΝ ΜΕ ΠΡΟΣΩΠΑ ΤΗΝ ΠΛΗΡΩΣΙΝ ΘΕΣΕΩΝ

ΑΘΗΝΑΙ, 29. — Νέαι εὐρείας ἐκτάσεως μεταβολαὶ ἐνηργήθησαν εἰς τὴν Χωροφυλακὴν διὰ τὴν πλήρωσιν κενῶν θέσεων. ΣΥΝΤΑΓΜΑΤΑΡΧΑΙ: Μ. Κολοκοτρώνης, Α. Σταθόπουλος. ΑΝΤΙΣΥΝΤΑΓΜΑΤΑΡΧΑΙ: Σ. Παπαδάκης, Γ. Νικολάου. ΤΑΓΜΑΤΑΡΧΑΙ: Α. Λάμπρου, Ε. Πετρόπουλος. ΜΟΙΡΑΡΧΟΙ: Β. Σταματόπουλος, Κ. Δημητρίου.

ΑΘΗΝΑΙ, 29. — Νέαι εὐρείας ἐκτάσεως μεταβολαὶ ἐνηργήθησαν εἰς τὴν Χωροφυλακὴν διὰ τὴν πλήρωσιν κενῶν θέσεων. ΣΥΝΤΑΓΜΑΤΑΡΧΑΙ: Μ. Κολοκοτρώνης, Α. Σταθόπουλος. ΑΝΤΙΣΥΝΤΑΓΜΑΤΑΡΧΑΙ: Σ. Παπαδάκης, Γ. Νικολάου. ΤΑΓΜΑΤΑΡΧΑΙ: Α. Λάμπρου, Ε. Πετρόπουλος. ΜΟΙΡΑΡΧΟΙ: Β. Σταματόπουλος, Κ. Δημητρίου.

ΑΘΗΝΑΙ, 29. — Νέαι εὐρείας ἐκτάσεως μεταβολαὶ ἐνηργήθησαν εἰς τὴν Χωροφυλακὴν διὰ τὴν πλήρωσιν κενῶν θέσεων. ΣΥΝΤΑΓΜΑΤΑΡΧΑΙ: Μ. Κολοκοτρώνης, Α. Σταθόπουλος. ΑΝΤΙΣΥΝΤΑΓΜΑΤΑΡΧΑΙ: Σ. Παπαδάκης, Γ. Νικολάου. ΤΑΓΜΑΤΑΡΧΑΙ: Α. Λάμπρου, Ε. Πετρόπουλος. ΜΟΙΡΑΡΧΟΙ: Β. Σταματόπουλος, Κ. Δημητρίου.

ΑΘΗΝΑΙ, 29. — Νέαι εὐρείας ἐκτάσεως μεταβολαὶ ἐνηργήθησαν εἰς τὴν Χωροφυλακὴν διὰ τὴν πλήρωσιν κενῶν θέσεων. ΣΥΝΤΑΓΜΑΤΑΡΧΑΙ: Μ. Κολοκοτρώνης, Α. Σταθόπουλος. ΑΝΤΙΣΥΝΤΑΓΜΑΤΑΡΧΑΙ: Σ. Παπαδάκης, Γ. Νικολάου. ΤΑΓΜΑΤΑΡΧΑΙ: Α. Λάμπρου, Ε. Πετρόπουλος. ΜΟΙΡΑΡΧΟΙ: Β. Σταματόπουλος, Κ. Δημητρίου.

ΗΘΩΩΘΗΣΑΝ ΜΕΛΗ ΤΗΣ ΕΔΗΝ ΒΟΛΟΥ ΠΑΡΑΠΕΜΦΘΕΝΤΑ ΔΙΑ ΠΕΡΙ-Υ-ΒΡΙΣΙΝ ΤΩΝ ΥΠΟΥΡΓΩΝ ΓΚΛΑΒΑΝΗ ΚΑΙ ΜΠΑΚΑΤΣΕΛΟΥ

ΒΟΛΟΣ, 29. — Τὸ δικαστήριον ἠθώωσε τὰ μέλη τῆς ΕΔΗΝ τὰ ὁποῖα εἶχον παραπεμφθῇ διὰ περιύβρισιν τῶν ὑπουργῶν.

ΒΟΛΟΣ, 29. — Τὸ δικαστήριον ἠθώωσε τὰ μέλη τῆς ΕΔΗΝ τὰ ὁποῖα εἶχον παραπεμφθῇ διὰ περιύβρισιν τῶν ὑπουργῶν.

ΒΟΛΟΣ, 29. — Τὸ δικαστήριον ἠθώωσε τὰ μέλη τῆς ΕΔΗΝ τὰ ὁποῖα εἶχον παραπεμφθῇ διὰ περιύβρισιν τῶν ὑπουργῶν.

Η ΑΓΡΟΤΙΚΗ ΤΡΑΠΕΖΑ ΘΑ ΕΝΙΣΧΥΣΗ ΤΗΝ ΠΡΟΣΠΑΘΕΙΑΝ ΙΔΡΥΣΕΩΣ ΓΕΩΡΓΙΚΩΝ ΕΤΑΙΡΙΩΝ ΥΠΟ ΝΕΑΝ ΜΟΡΦΗΝ

ΑΘΗΝΑΙ, 29. — Ὁ διοικητὴς τῆς Ἀγροτικῆς Τραπέζης ἐδήλωσεν ὅτι θὰ ἐνισχυθῇ ἡ προσπάθεια ἱδρύσεως γεωργικῶν ἑταιριῶν ὑπὸ νέαν μορφήν.

ΑΘΗΝΑΙ, 29. — Ὁ διοικητὴς τῆς Ἀγροτικῆς Τραπέζης ἐδήλωσεν ὅτι θὰ ἐνισχυθῇ ἡ προσπάθεια ἱδρύσεως γεωργικῶν ἑταιριῶν ὑπὸ νέαν μορφήν.

ΑΘΗΝΑΙ, 29. — Ὁ διοικητὴς τῆς Ἀγροτικῆς Τραπέζης ἐδήλωσεν ὅτι θὰ ἐνισχυθῇ ἡ προσπάθεια ἱδρύσεως γεωργικῶν ἑταιριῶν ὑπὸ νέαν μορφήν.

ΑΘΗΝΑΙ, 29. — Ὁ διοικητὴς τῆς Ἀγροτικῆς Τραπέζης ἐδήλωσεν ὅτι θὰ ἐνισχυθῇ ἡ προσπάθεια ἱδρύσεως γεωργικῶν ἑταιριῶν ὑπὸ νέαν μορφήν.

ΘΑ ΠΑΡΑΙΤΗΘΟΥΝ ΑΠΑΝΤΕΣ ΟΙ ΜΗΧΑΝΙΚΟΙ ΑΝ ΔΕΝ ΚΑΘΙΕΡΩΘΗ ΤΕΧΝΙΚΟΝ ΝΙΣΘΟΛΟΓΙΟΝ

ΑΘΗΝΑΙ, 29. — Οἱ διπλωματοῦχοι μηχανικοὶ τοῦ δημοσίου ἀπειλοῦν μὲ παραίτησιν ἐὰν δὲν καθιερωθῇ τεχνικὸν μισθολόγιον.

ΑΘΗΝΑΙ, 29. — Οἱ διπλωματοῦχοι μηχανικοὶ τοῦ δημοσίου ἀπειλοῦν μὲ παραίτησιν ἐὰν δὲν καθιερωθῇ τεχνικὸν μισθολόγιον.

ΑΘΗΝΑΙ, 29. — Οἱ διπλωματοῦχοι μηχανικοὶ τοῦ δημοσίου ἀπειλοῦν μὲ παραίτησιν ἐὰν δὲν καθιερωθῇ τεχνικὸν μισθολόγιον.

ΜΕΤΑΘΕΣΕΙΣ ΥΠΑΛΛΗΛΩΝ ΑΥΤΟΔΙΟΙΚΗΣΕΩΣ ΥΠΗΡΕΤΟΥΝΤΩΝ ΕΙΣ ΤΗΝ ΒΟΡΕΙΟΝ ΕΛΛΑΔΑ

ΑΘΗΝΑΙ, 29. — Ἐγκρίθησαν μεταθέσεις ὑπαλλήλων αὐτοδιοικήσεως ὑπηρετούντων εἰς τὴν Βόρειον Ἑλλάδα.

ΑΘΗΝΑΙ, 29. — Ἐγκρίθησαν μεταθέσεις ὑπαλλήλων αὐτοδιοικήσεως ὑπηρετούντων εἰς τὴν Βόρειον Ἑλλάδα.

ΑΘΗΝΑΙ, 29. — Ἐγκρίθησαν μεταθέσεις ὑπαλλήλων αὐτοδιοικήσεως ὑπηρετούντων εἰς τὴν Βόρειον Ἑλλάδα.

ΑΘΗΝΑΙ, 29. — Ἐγκρίθησαν μεταθέσεις ὑπαλλήλων αὐτοδιοικήσεως ὑπηρετούντων εἰς τὴν Βόρειον Ἑλλάδα.

ΤΟ ΠΡΟΓΡΑΜΜΑ ΤΗΣ ΠΟΡΕΙΑΣ ΠΡΟΣ ΤΟ ΚΑΣΤΡΙ ΚΑΙ ΑΛΛΩΝ ΕΚΔΗΛΩΣΕΩΝ ΤΗΣ ΕΝ. ΚΕΝΤΡΟΥ

ΣΥΝΕΧΕΙΑ εκ της 1ης σελίδος

Τὸ πρόγραμμα τῆς πορείας πρὸς τὸ Καστρί περιλαμβάνει συγκέντρωσιν τῶν μελῶν καὶ ὁμιλίας τῶν ἡγετῶν τῆς Ἑνώσεως Κέντρου.

Τὸ πρόγραμμα τῆς πορείας πρὸς τὸ Καστρί περιλαμβάνει συγκέντρωσιν τῶν μελῶν καὶ ὁμιλίας τῶν ἡγετῶν τῆς Ἑνώσεως Κέντρου.

Τὸ πρόγραμμα τῆς πορείας πρὸς τὸ Καστρί περιλαμβάνει συγκέντρωσιν τῶν μελῶν καὶ ὁμιλίας τῶν ἡγετῶν τῆς Ἑνώσεως Κέντρου.
